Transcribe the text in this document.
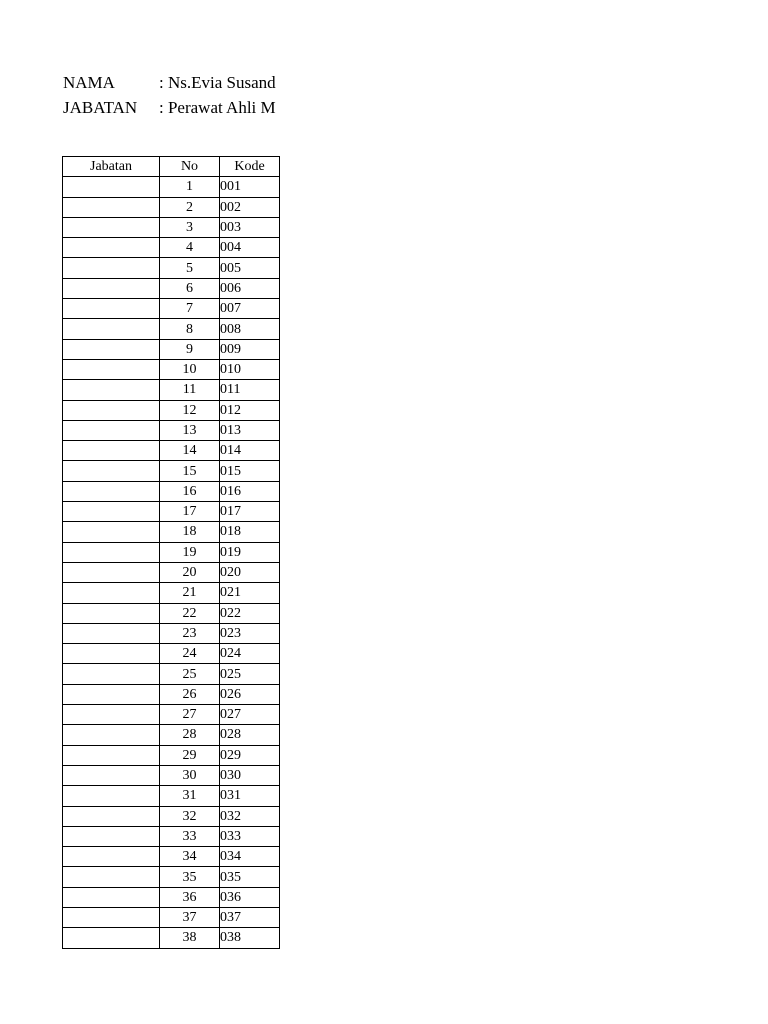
NAMA	: Ns.Evia Susand
JABATAN : Perawat Ahli M
Jabatan	No	Kode
	1	001
	2	002
	3	003
	4	004
	5	005
	6	006
	7	007
	8	008
	9	009
	10	010
	11	011
	12	012
	13	013
	14	014
	15	015
	16	016
	17	017
	18	018
	19	019
	20	020
	21	021
	22	022
	23	023
	24	024
	25	025
	26	026
	27	027
	28	028
	29	029
	30	030
	31	031
	32	032
	33	033
	34	034
	35	035
	36	036
	37	037
	38	038
